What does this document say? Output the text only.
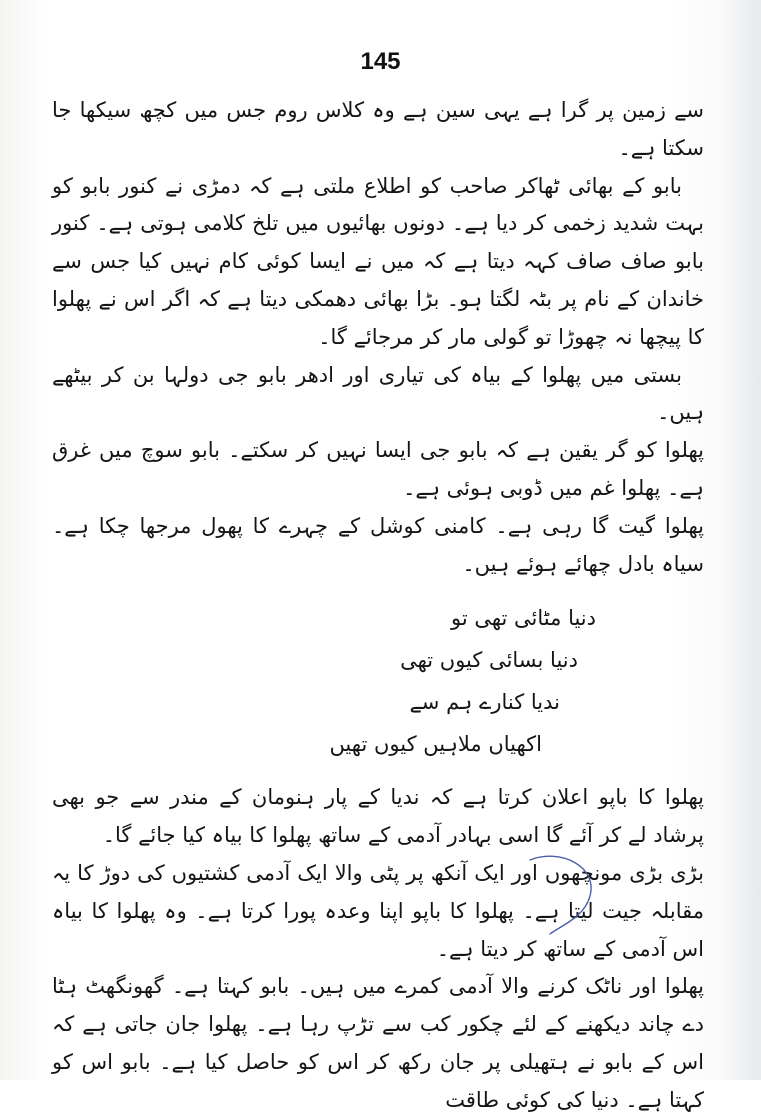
145

سے زمین پر گرا ہے یہی سین ہے وہ کلاس روم جس میں کچھ سیکھا جا سکتا ہے۔

بابو کے بھائی ٹھاکر صاحب کو اطلاع ملتی ہے کہ دمڑی نے کنور بابو کو بہت شدید زخمی کر دیا ہے۔ دونوں بھائیوں میں تلخ کلامی ہوتی ہے۔ کنور بابو صاف صاف کہہ دیتا ہے کہ میں نے ایسا کوئی کام نہیں کیا جس سے خاندان کے نام پر بٹہ لگتا ہو۔ بڑا بھائی دھمکی دیتا ہے کہ اگر اس نے پھلوا کا پیچھا نہ چھوڑا تو گولی مار کر مرجائے گا۔

بستی میں پھلوا کے بیاہ کی تیاری اور ادھر بابو جی دولہا بن کر بیٹھے ہیں۔

پھلوا کو گر یقین ہے کہ بابو جی ایسا نہیں کر سکتے۔ بابو سوچ میں غرق ہے۔ پھلوا غم میں ڈوبی ہوئی ہے۔

پھلوا گیت گا رہی ہے۔ کامنی کوشل کے چہرے کا پھول مرجھا چکا ہے۔ سیاہ بادل چھائے ہوئے ہیں۔

دنیا مٹائی تھی تو
دنیا بسائی کیوں تھی
ندیا کنارے ہم سے
اکھیاں ملاہیں کیوں تھیں

پھلوا کا باپو اعلان کرتا ہے کہ ندیا کے پار ہنومان کے مندر سے جو بھی پرشاد لے کر آئے گا اسی بہادر آدمی کے ساتھ پھلوا کا بیاہ کیا جائے گا۔

بڑی بڑی مونچھوں اور ایک آنکھ پر پٹی والا ایک آدمی کشتیوں کی دوڑ کا یہ مقابلہ جیت لیتا ہے۔ پھلوا کا باپو اپنا وعدہ پورا کرتا ہے۔ وہ پھلوا کا بیاہ اس آدمی کے ساتھ کر دیتا ہے۔

پھلوا اور ناٹک کرنے والا آدمی کمرے میں ہیں۔ بابو کہتا ہے۔ گھونگھٹ ہٹا دے چاند دیکھنے کے لئے چکور کب سے تڑپ رہا ہے۔ پھلوا جان جاتی ہے کہ اس کے بابو نے ہتھیلی پر جان رکھ کر اس کو حاصل کیا ہے۔ بابو اس کو کہتا ہے۔ دنیا کی کوئی طاقت
